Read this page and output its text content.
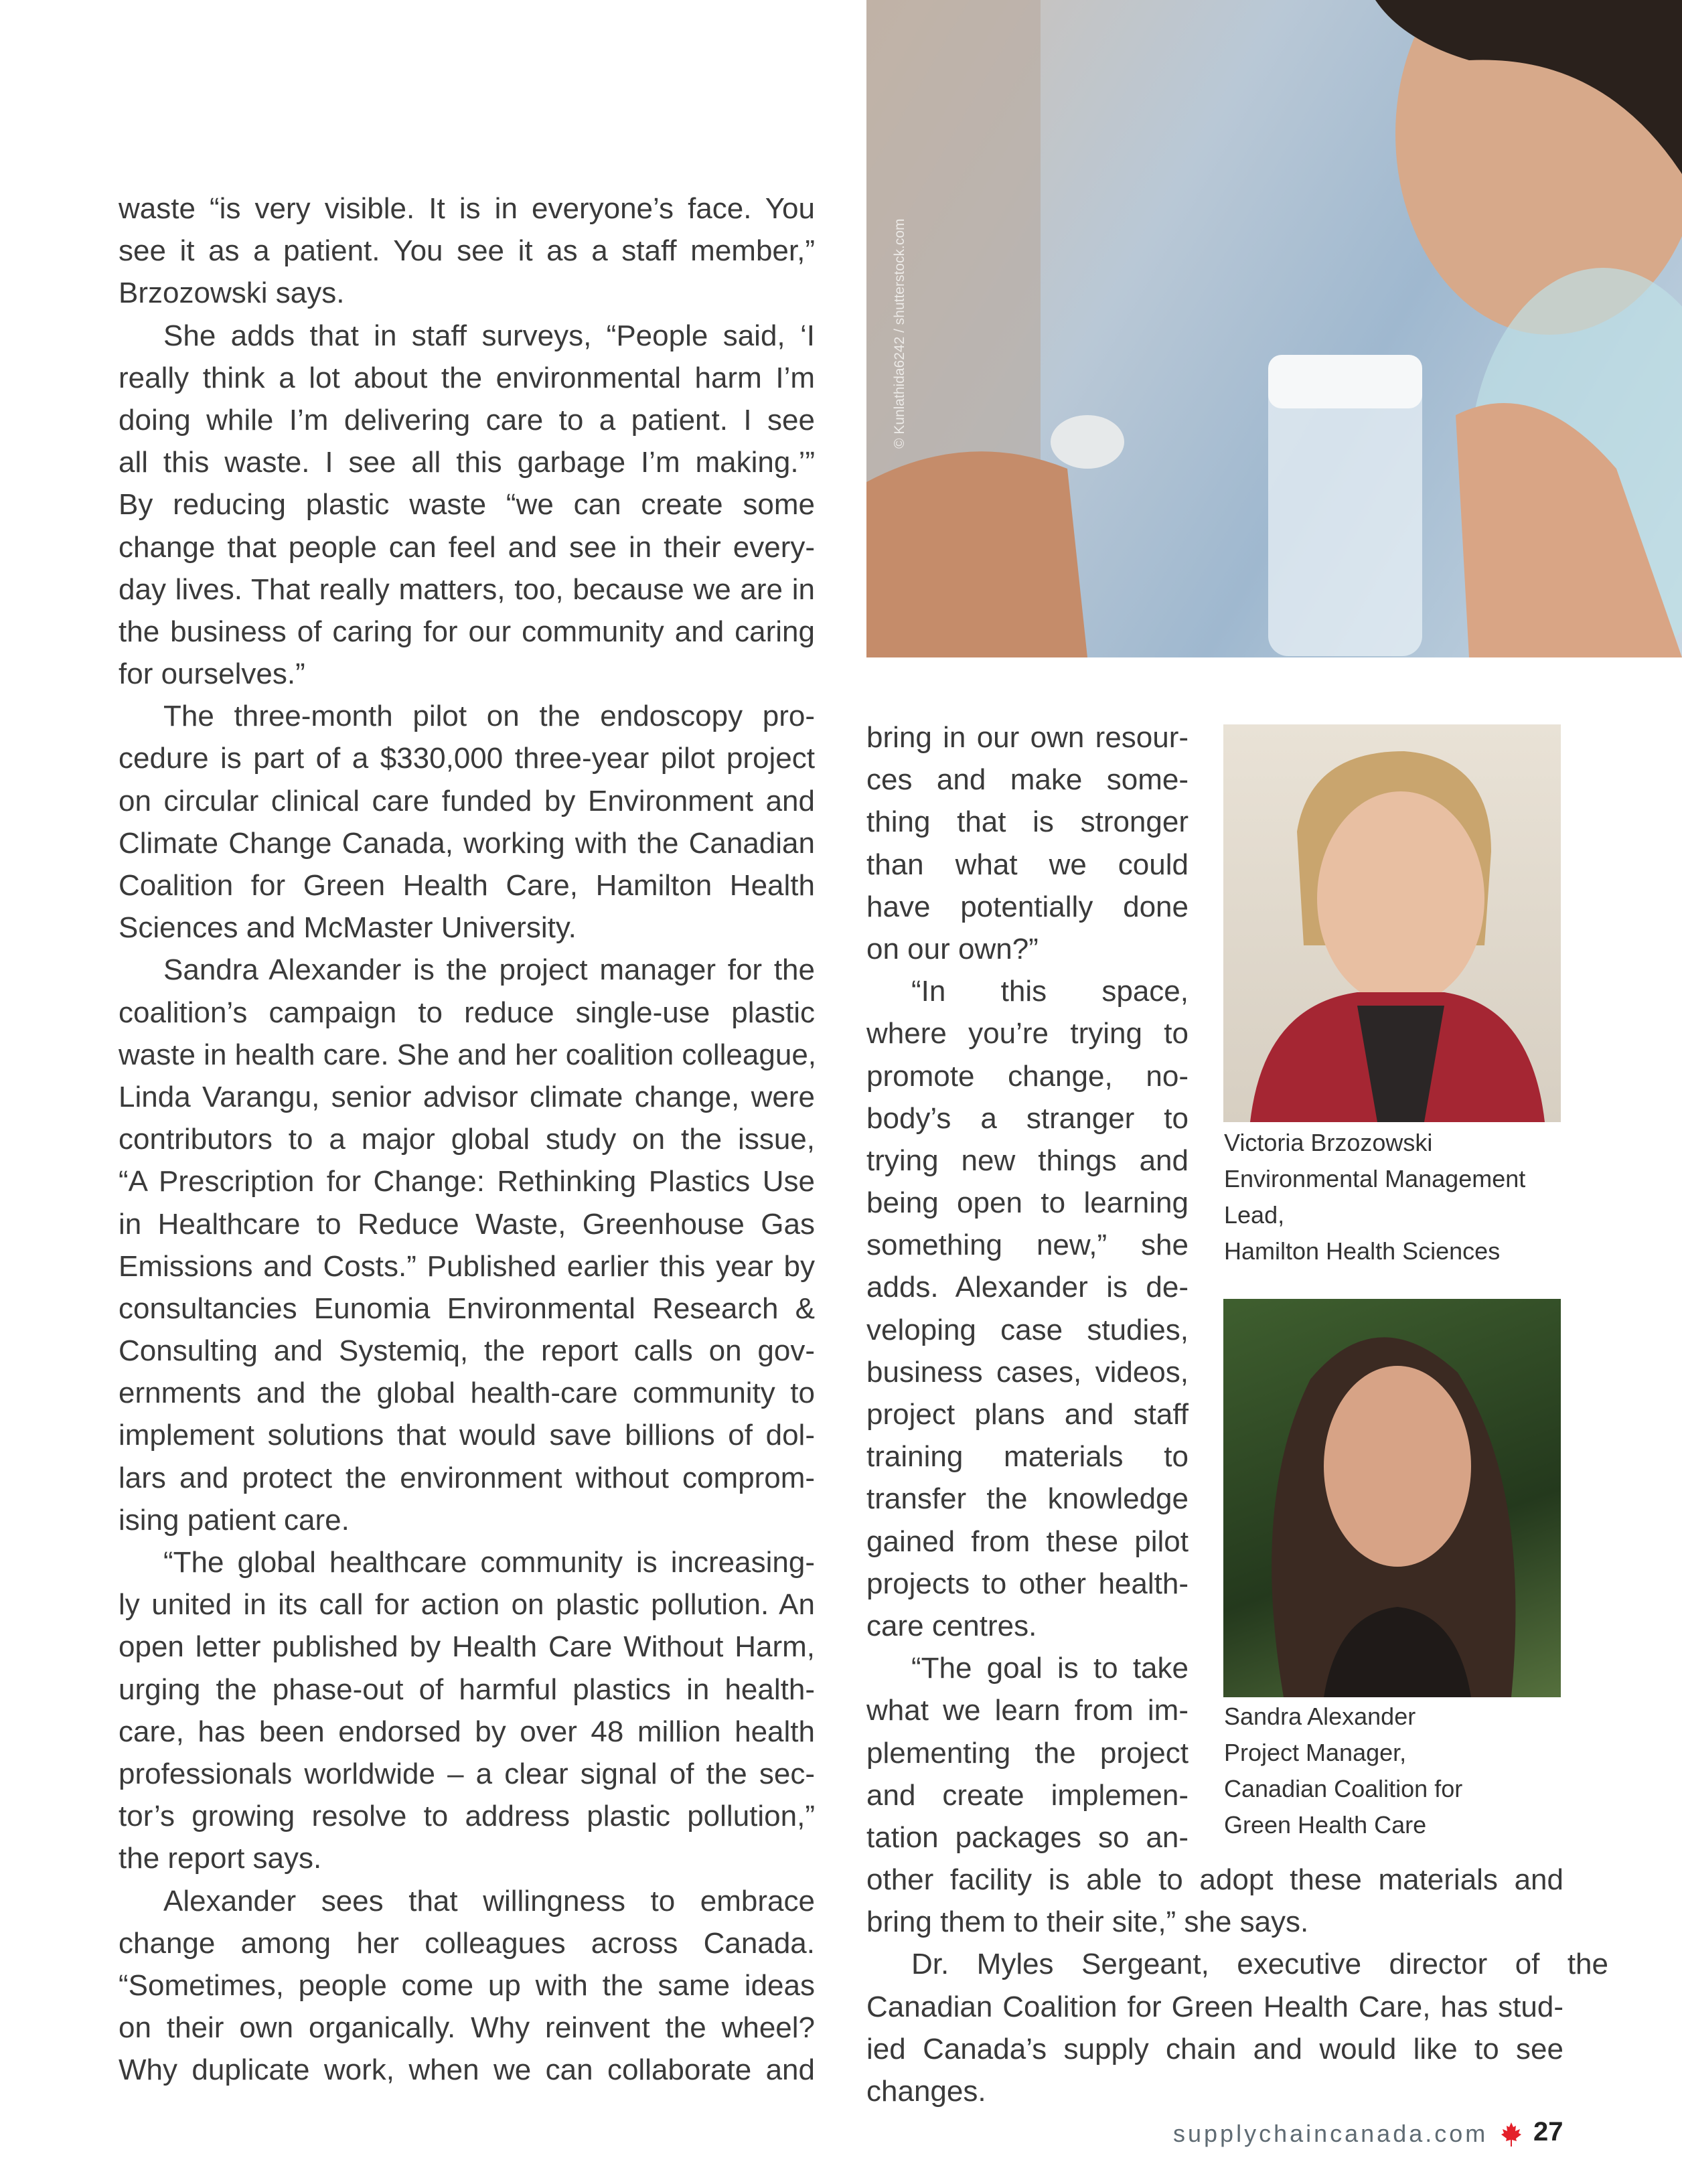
© Kunlathida6242 / shutterstock.com
Victoria Brzozowski
Environmental Management
Lead,
Hamilton Health Sciences
Sandra Alexander
Project Manager,
Canadian Coalition for
Green Health Care
waste “is very visible. It is in everyone’s face. You
see it as a patient. You see it as a staff member,”
Brzozowski says.
She adds that in staff surveys, “People said, ‘I
really think a lot about the environmental harm I’m
doing while I’m delivering care to a patient. I see
all this waste. I see all this garbage I’m making.’”
By reducing plastic waste “we can create some
change that people can feel and see in their every-
day lives. That really matters, too, because we are in
the business of caring for our community and caring
for ourselves.”
The three-month pilot on the endoscopy pro-
cedure is part of a $330,000 three-year pilot project
on circular clinical care funded by Environment and
Climate Change Canada, working with the Canadian
Coalition for Green Health Care, Hamilton Health
Sciences and McMaster University.
Sandra Alexander is the project manager for the
coalition’s campaign to reduce single-use plastic
waste in health care. She and her coalition colleague,
Linda Varangu, senior advisor climate change, were
contributors to a major global study on the issue,
“A Prescription for Change: Rethinking Plastics Use
in Healthcare to Reduce Waste, Greenhouse Gas
Emissions and Costs.” Published earlier this year by
consultancies Eunomia Environmental Research &
Consulting and Systemiq, the report calls on gov-
ernments and the global health-care community to
implement solutions that would save billions of dol-
lars and protect the environment without comprom-
ising patient care.
“The global healthcare community is increasing-
ly united in its call for action on plastic pollution. An
open letter published by Health Care Without Harm,
urging the phase-out of harmful plastics in health-
care, has been endorsed by over 48 million health
professionals worldwide – a clear signal of the sec-
tor’s growing resolve to address plastic pollution,”
the report says.
Alexander sees that willingness to embrace
change among her colleagues across Canada.
“Sometimes, people come up with the same ideas
on their own organically. Why reinvent the wheel?
Why duplicate work, when we can collaborate and
bring in our own resour-
ces and make some-
thing that is stronger
than what we could
have potentially done
on our own?”
“In this space,
where you’re trying to
promote change, no-
body’s a stranger to
trying new things and
being open to learning
something new,” she
adds. Alexander is de-
veloping case studies,
business cases, videos,
project plans and staff
training materials to
transfer the knowledge
gained from these pilot
projects to other health-
care centres.
“The goal is to take
what we learn from im-
plementing the project
and create implemen-
tation packages so an-
other facility is able to adopt these materials and
bring them to their site,” she says.
Dr. Myles Sergeant, executive director of the
Canadian Coalition for Green Health Care, has stud-
ied Canada’s supply chain and would like to see
changes.
supplychaincanada.com 27
